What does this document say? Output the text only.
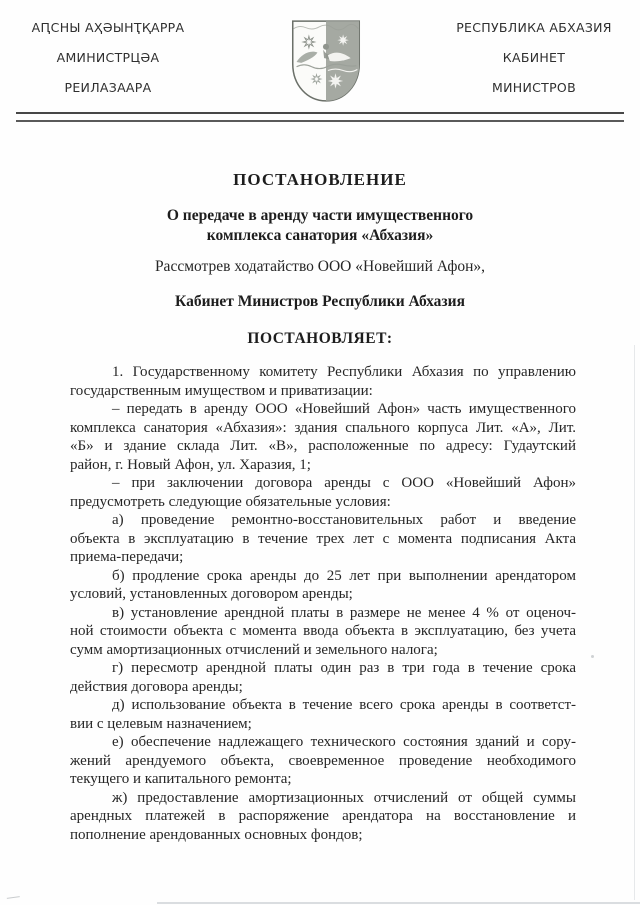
АԤСНЫ АҲӘЫНҬҚАРРА
АМИНИСТРЦӘА
РЕИЛАЗААРА
РЕСПУБЛИКА АБХАЗИЯ
КАБИНЕТ
МИНИСТРОВ
ПОСТАНОВЛЕНИЕ
О передаче в аренду части имущественного
комплекса санатория «Абхазия»
Рассмотрев ходатайство ООО «Новейший Афон»,
Кабинет Министров Республики Абхазия
ПОСТАНОВЛЯЕТ:
1. Государственному комитету Республики Абхазия по управлению
государственным имуществом и приватизации:
– передать в аренду ООО «Новейший Афон» часть имущественного
комплекса санатория «Абхазия»: здания спального корпуса Лит. «А», Лит.
«Б» и здание склада Лит. «В», расположенные по адресу: Гудаутский
район, г. Новый Афон, ул. Харазия, 1;
– при заключении договора аренды с ООО «Новейший Афон»
предусмотреть следующие обязательные условия:
а) проведение ремонтно-восстановительных работ и введение
объекта в эксплуатацию в течение трех лет с момента подписания Акта
приема-передачи;
б) продление срока аренды до 25 лет при выполнении арендатором
условий, установленных договором аренды;
в) установление арендной платы в размере не менее 4 % от оценоч-
ной стоимости объекта с момента ввода объекта в эксплуатацию, без учета
сумм амортизационных отчислений и земельного налога;
г) пересмотр арендной платы один раз в три года в течение срока
действия договора аренды;
д) использование объекта в течение всего срока аренды в соответст-
вии с целевым назначением;
е) обеспечение надлежащего технического состояния зданий и сору-
жений арендуемого объекта, своевременное проведение необходимого
текущего и капитального ремонта;
ж) предоставление амортизационных отчислений от общей суммы
арендных платежей в распоряжение арендатора на восстановление и
пополнение арендованных основных фондов;
